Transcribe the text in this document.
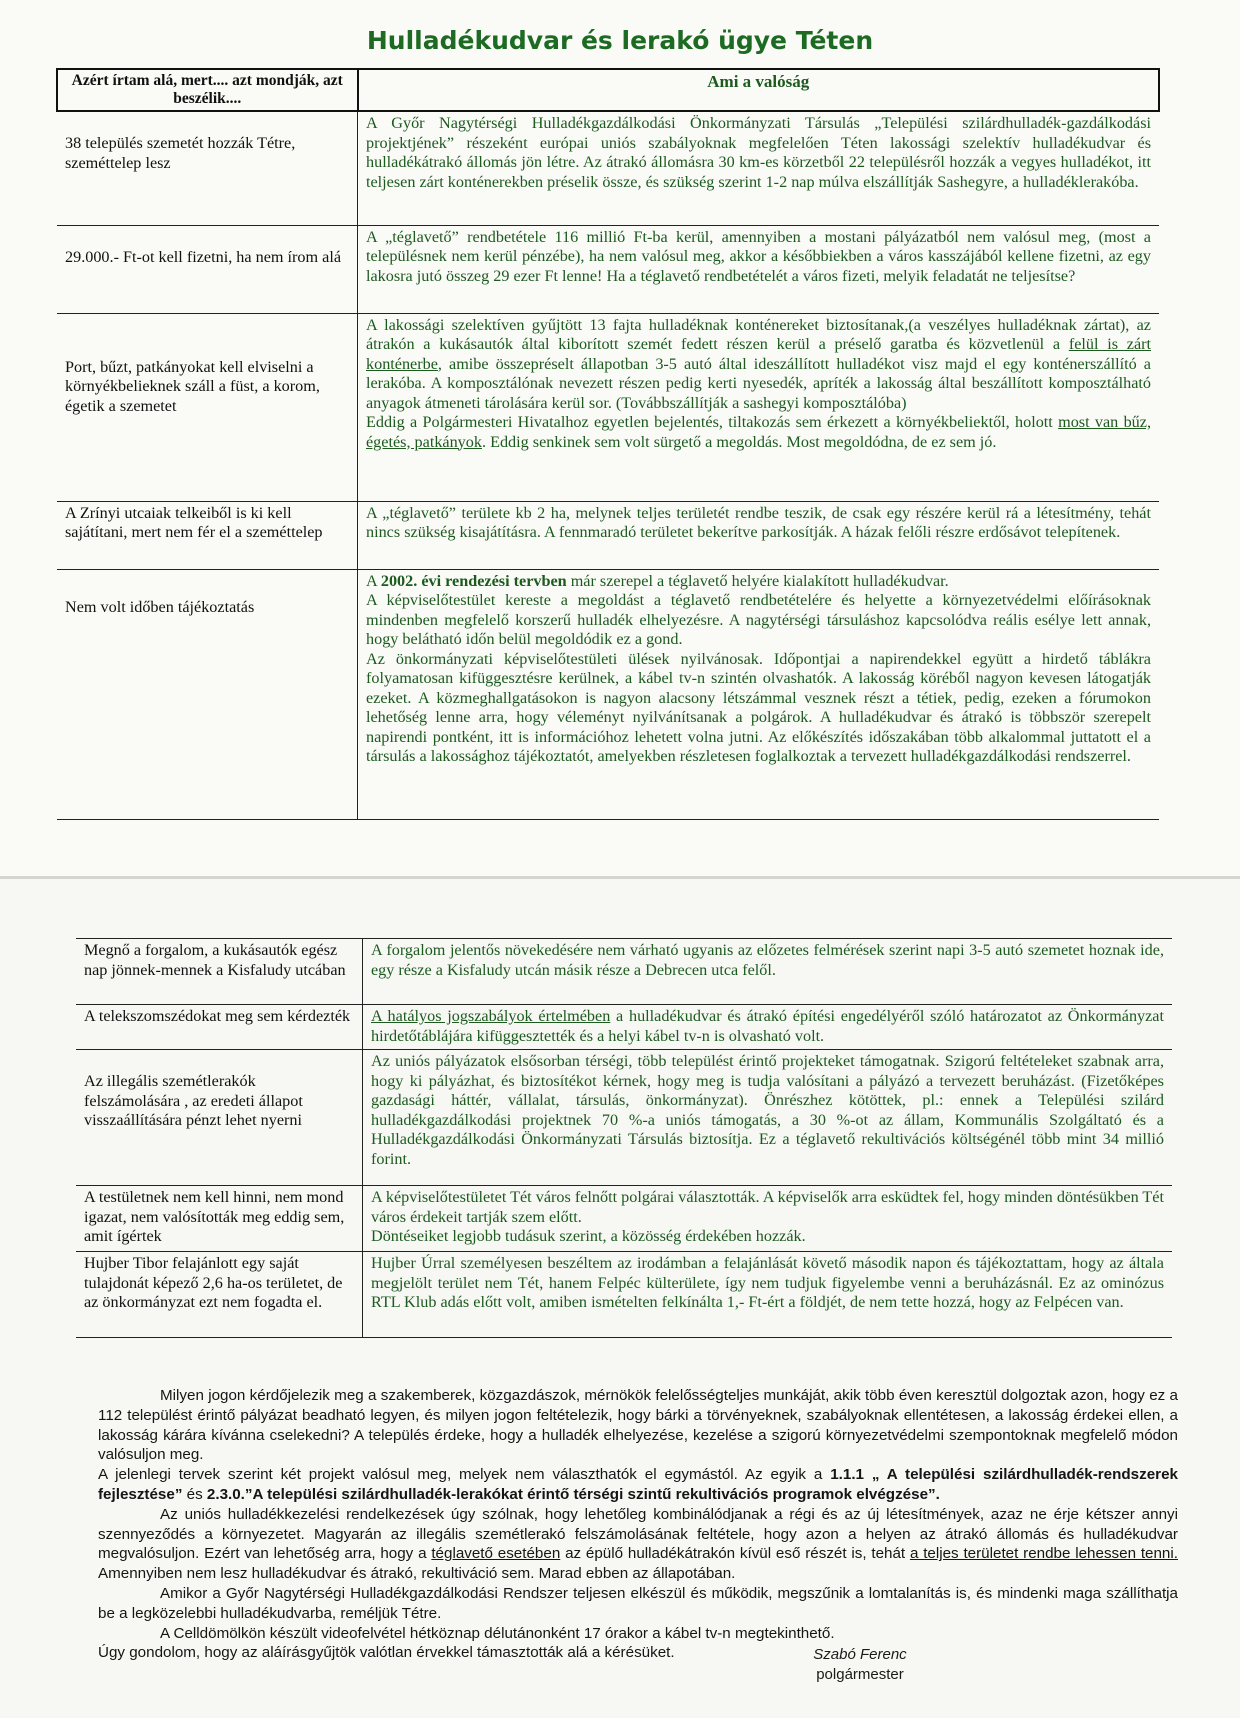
Hulladékudvar és lerakó ügye Téten
Azért írtam alá, mert.... azt mondják, azt beszélik....	Ami a valóság
38 település szemetét hozzák Tétre, szeméttelep lesz	A Győr Nagytérségi Hulladékgazdálkodási Önkormányzati Társulás „Települési szilárdhulladék-gazdálkodási projektjének” részeként európai uniós szabályoknak megfelelően Téten lakossági szelektív hulladékudvar és hulladékátrakó állomás jön létre. Az átrakó állomásra 30 km-es körzetből 22 településről hozzák a vegyes hulladékot, itt teljesen zárt konténerekben préselik össze, és szükség szerint 1-2 nap múlva elszállítják Sashegyre, a hulladéklerakóba.
29.000.- Ft-ot kell fizetni, ha nem írom alá	A „téglavető” rendbetétele 116 millió Ft-ba kerül, amennyiben a mostani pályázatból nem valósul meg, (most a településnek nem kerül pénzébe), ha nem valósul meg, akkor a későbbiekben a város kasszájából kellene fizetni, az egy lakosra jutó összeg 29 ezer Ft lenne! Ha a téglavető rendbetételét a város fizeti, melyik feladatát ne teljesítse?
Port, bűzt, patkányokat kell elviselni a környékbelieknek száll a füst, a korom, égetik a szemetet	A lakossági szelektíven gyűjtött 13 fajta hulladéknak konténereket biztosítanak,(a veszélyes hulladéknak zártat), az átrakón a kukásautók által kiborított szemét fedett részen kerül a préselő garatba és közvetlenül a felül is zárt konténerbe, amibe összepréselt állapotban 3-5 autó által ideszállított hulladékot visz majd el egy konténerszállító a lerakóba. A komposztálónak nevezett részen pedig kerti nyesedék, apríték a lakosság által beszállított komposztálható anyagok átmeneti tárolására kerül sor. (Továbbszállítják a sashegyi komposztálóba)
Eddig a Polgármesteri Hivatalhoz egyetlen bejelentés, tiltakozás sem érkezett a környékbeliektől, holott most van bűz, égetés, patkányok. Eddig senkinek sem volt sürgető a megoldás. Most megoldódna, de ez sem jó.
A Zrínyi utcaiak telkeiből is ki kell sajátítani, mert nem fér el a szeméttelep	A „téglavető” területe kb 2 ha, melynek teljes területét rendbe teszik, de csak egy részére kerül rá a létesítmény, tehát nincs szükség kisajátításra. A fennmaradó területet bekerítve parkosítják. A házak felőli részre erdősávot telepítenek.
Nem volt időben tájékoztatás	A 2002. évi rendezési tervben már szerepel a téglavető helyére kialakított hulladékudvar.
A képviselőtestület kereste a megoldást a téglavető rendbetételére és helyette a környezetvédelmi előírásoknak mindenben megfelelő korszerű hulladék elhelyezésre. A nagytérségi társuláshoz kapcsolódva reális esélye lett annak, hogy belátható időn belül megoldódik ez a gond.
Az önkormányzati képviselőtestületi ülések nyilvánosak. Időpontjai a napirendekkel együtt a hirdető táblákra folyamatosan kifüggesztésre kerülnek, a kábel tv-n szintén olvashatók. A lakosság köréből nagyon kevesen látogatják ezeket. A közmeghallgatásokon is nagyon alacsony létszámmal vesznek részt a tétiek, pedig, ezeken a fórumokon lehetőség lenne arra, hogy véleményt nyilvánítsanak a polgárok. A hulladékudvar és átrakó is többször szerepelt napirendi pontként, itt is információhoz lehetett volna jutni. Az előkészítés időszakában több alkalommal juttatott el a társulás a lakossághoz tájékoztatót, amelyekben részletesen foglalkoztak a tervezett hulladékgazdálkodási rendszerrel.
Megnő a forgalom, a kukásautók egész nap jönnek-mennek a Kisfaludy utcában	A forgalom jelentős növekedésére nem várható ugyanis az előzetes felmérések szerint napi 3-5 autó szemetet hoznak ide, egy része a Kisfaludy utcán másik része a Debrecen utca felől.
A telekszomszédokat meg sem kérdezték	A hatályos jogszabályok értelmében a hulladékudvar és átrakó építési engedélyéről szóló határozatot az Önkormányzat hirdetőtáblájára kifüggesztették és a helyi kábel tv-n is olvasható volt.
Az illegális szemétlerakók felszámolására , az eredeti állapot visszaállítására pénzt lehet nyerni	Az uniós pályázatok elsősorban térségi, több települést érintő projekteket támogatnak. Szigorú feltételeket szabnak arra, hogy ki pályázhat, és biztosítékot kérnek, hogy meg is tudja valósítani a pályázó a tervezett beruházást. (Fizetőképes gazdasági háttér, vállalat, társulás, önkormányzat). Önrészhez kötöttek, pl.: ennek a Települési szilárd hulladékgazdálkodási projektnek 70 %-a uniós támogatás, a 30 %-ot az állam, Kommunális Szolgáltató és a Hulladékgazdálkodási Önkormányzati Társulás biztosítja. Ez a téglavető rekultivációs költségénél több mint 34 millió forint.
A testületnek nem kell hinni, nem mond igazat, nem valósították meg eddig sem, amit ígértek	A képviselőtestületet Tét város felnőtt polgárai választották. A képviselők arra esküdtek fel, hogy minden döntésükben Tét város érdekeit tartják szem előtt.
Döntéseiket legjobb tudásuk szerint, a közösség érdekében hozzák.
Hujber Tibor felajánlott egy saját tulajdonát képező 2,6 ha-os területet, de az önkormányzat ezt nem fogadta el.	Hujber Úrral személyesen beszéltem az irodámban a felajánlását követő második napon és tájékoztattam, hogy az általa megjelölt terület nem Tét, hanem Felpéc külterülete, így nem tudjuk figyelembe venni a beruházásnál. Ez az ominózus RTL Klub adás előtt volt, amiben ismételten felkínálta 1,- Ft-ért a földjét, de nem tette hozzá, hogy az Felpécen van.

Milyen jogon kérdőjelezik meg a szakemberek, közgazdászok, mérnökök felelősségteljes munkáját, akik több éven keresztül dolgoztak azon, hogy ez a 112 települést érintő pályázat beadható legyen, és milyen jogon feltételezik, hogy bárki a törvényeknek, szabályoknak ellentétesen, a lakosság érdekei ellen, a lakosság kárára kívánna cselekedni? A település érdeke, hogy a hulladék elhelyezése, kezelése a szigorú környezetvédelmi szempontoknak megfelelő módon valósuljon meg.

A jelenlegi tervek szerint két projekt valósul meg, melyek nem választhatók el egymástól. Az egyik a 1.1.1 „ A települési szilárdhulladék-rendszerek fejlesztése” és 2.3.0.”A települési szilárdhulladék-lerakókat érintő térségi szintű rekultivációs programok elvégzése”.

Az uniós hulladékkezelési rendelkezések úgy szólnak, hogy lehetőleg kombinálódjanak a régi és az új létesítmények, azaz ne érje kétszer annyi szennyeződés a környezetet. Magyarán az illegális szemétlerakó felszámolásának feltétele, hogy azon a helyen az átrakó állomás és hulladékudvar megvalósuljon. Ezért van lehetőség arra, hogy a téglavető esetében az épülő hulladékátrakón kívül eső részét is, tehát a teljes területet rendbe lehessen tenni. Amennyiben nem lesz hulladékudvar és átrakó, rekultiváció sem. Marad ebben az állapotában.

Amikor a Győr Nagytérségi Hulladékgazdálkodási Rendszer teljesen elkészül és működik, megszűnik a lomtalanítás is, és mindenki maga szállíthatja be a legközelebbi hulladékudvarba, reméljük Tétre.

A Celldömölkön készült videofelvétel hétköznap délutánonként 17 órakor a kábel tv-n megtekinthető.

Úgy gondolom, hogy az aláírásgyűjtök valótlan érvekkel támasztották alá a kérésüket.	Szabó Ferenc
polgármester
